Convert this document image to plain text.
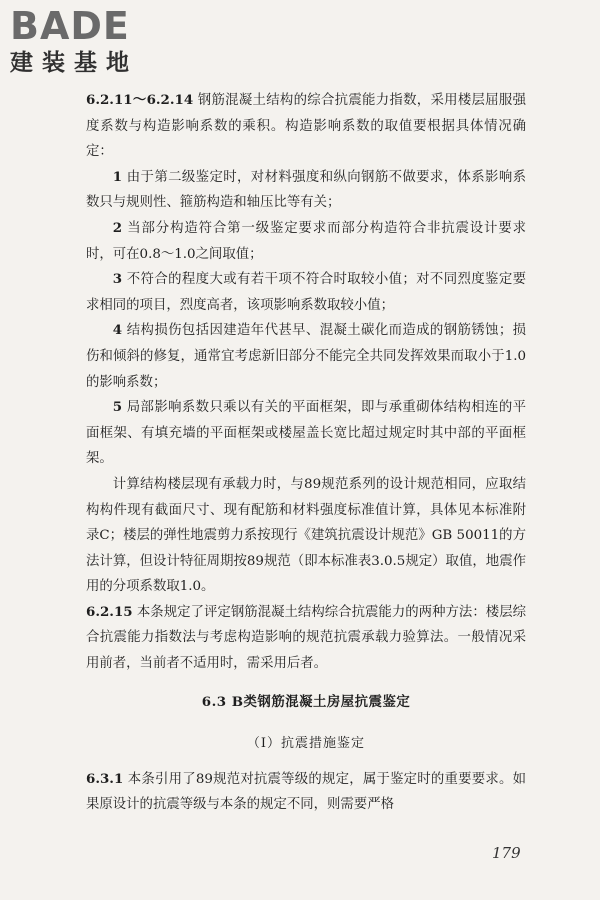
BADE
建装基地

6.2.11～6.2.14 钢筋混凝土结构的综合抗震能力指数，采用楼层屈服强度系数与构造影响系数的乘积。构造影响系数的取值要根据具体情况确定：

1 由于第二级鉴定时，对材料强度和纵向钢筋不做要求，体系影响系数只与规则性、箍筋构造和轴压比等有关；

2 当部分构造符合第一级鉴定要求而部分构造符合非抗震设计要求时，可在0.8～1.0之间取值；

3 不符合的程度大或有若干项不符合时取较小值；对不同烈度鉴定要求相同的项目，烈度高者，该项影响系数取较小值；

4 结构损伤包括因建造年代甚早、混凝土碳化而造成的钢筋锈蚀；损伤和倾斜的修复，通常宜考虑新旧部分不能完全共同发挥效果而取小于1.0的影响系数；

5 局部影响系数只乘以有关的平面框架，即与承重砌体结构相连的平面框架、有填充墙的平面框架或楼屋盖长宽比超过规定时其中部的平面框架。

计算结构楼层现有承载力时，与89规范系列的设计规范相同，应取结构构件现有截面尺寸、现有配筋和材料强度标准值计算，具体见本标准附录C；楼层的弹性地震剪力系按现行《建筑抗震设计规范》GB 50011的方法计算，但设计特征周期按89规范（即本标准表3.0.5规定）取值，地震作用的分项系数取1.0。

6.2.15 本条规定了评定钢筋混凝土结构综合抗震能力的两种方法：楼层综合抗震能力指数法与考虑构造影响的规范抗震承载力验算法。一般情况采用前者，当前者不适用时，需采用后者。

6.3 B类钢筋混凝土房屋抗震鉴定
（Ⅰ）抗震措施鉴定

6.3.1 本条引用了89规范对抗震等级的规定，属于鉴定时的重要要求。如果原设计的抗震等级与本条的规定不同，则需要严格

179
